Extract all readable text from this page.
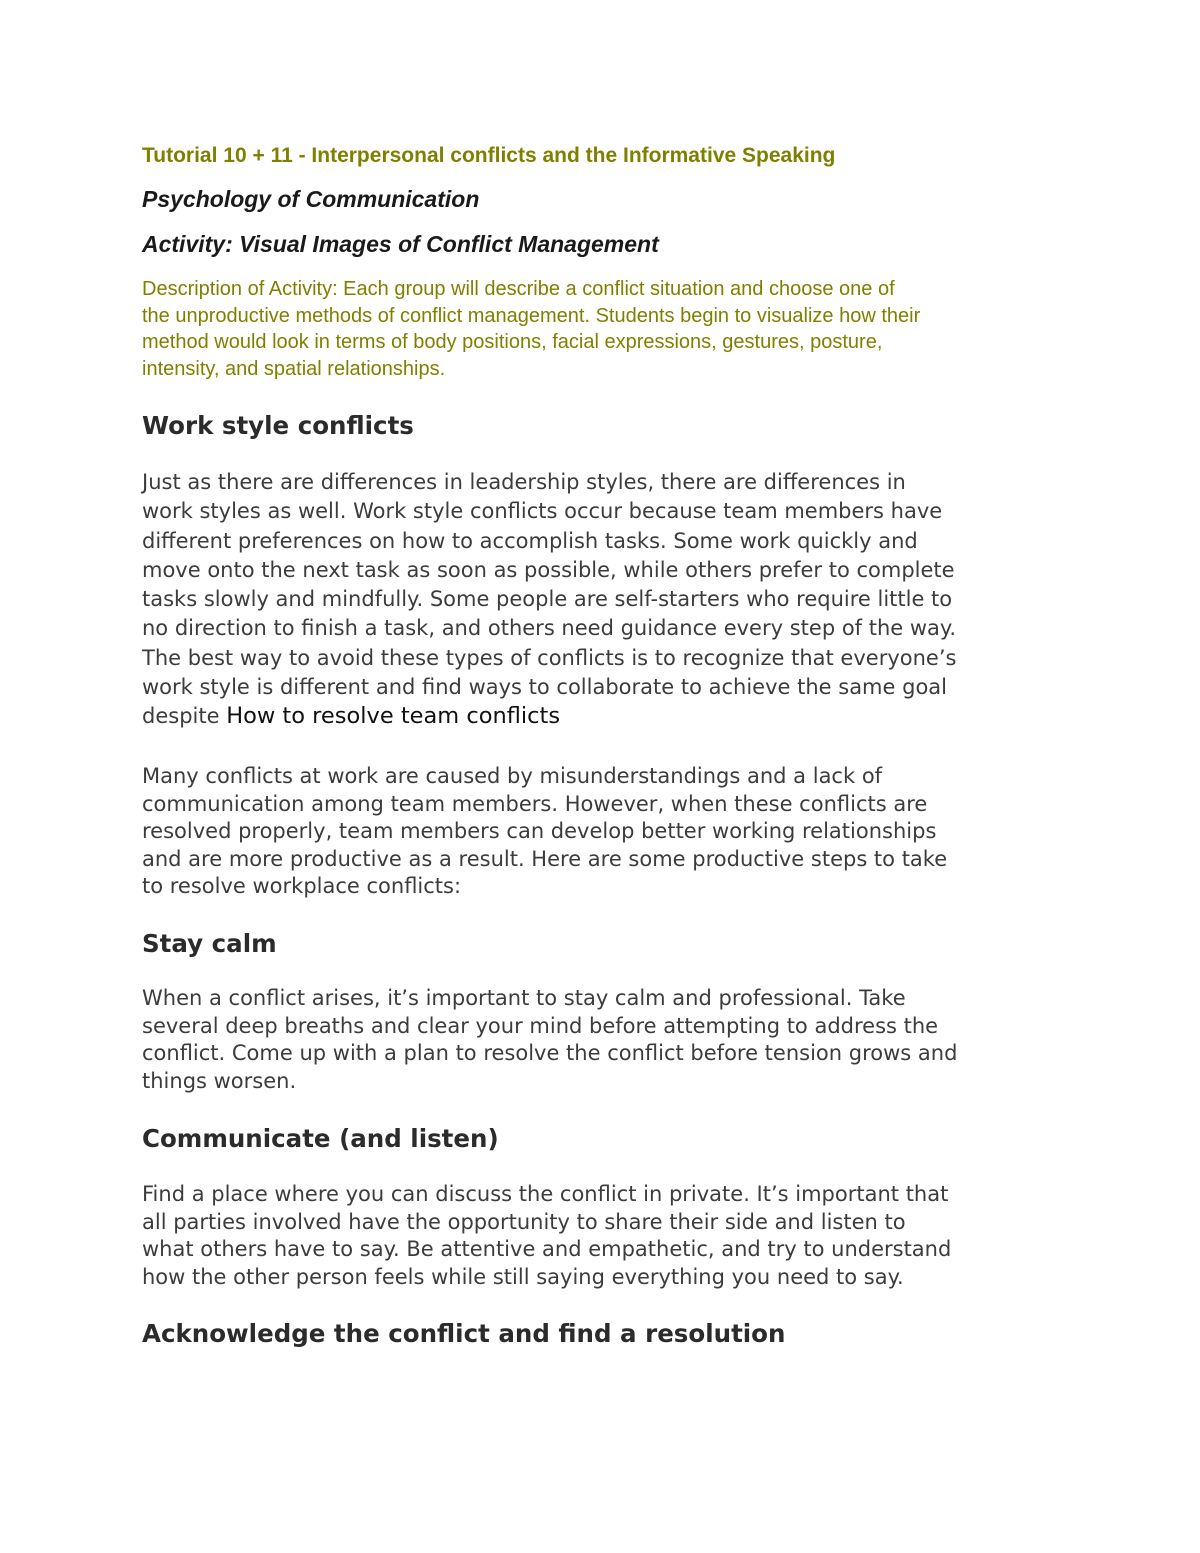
Tutorial 10 + 11 - Interpersonal conflicts and the Informative Speaking

Psychology of Communication

Activity: Visual Images of Conflict Management

Description of Activity: Each group will describe a conflict situation and choose one of
the unproductive methods of conflict management. Students begin to visualize how their
method would look in terms of body positions, facial expressions, gestures, posture,
intensity, and spatial relationships.
Work style conflicts
Just as there are differences in leadership styles, there are differences in
work styles as well. Work style conflicts occur because team members have
different preferences on how to accomplish tasks. Some work quickly and
move onto the next task as soon as possible, while others prefer to complete
tasks slowly and mindfully. Some people are self-starters who require little to
no direction to finish a task, and others need guidance every step of the way.
The best way to avoid these types of conflicts is to recognize that everyone’s
work style is different and find ways to collaborate to achieve the same goal
despite How to resolve team conflicts
Many conflicts at work are caused by misunderstandings and a lack of
communication among team members. However, when these conflicts are
resolved properly, team members can develop better working relationships
and are more productive as a result. Here are some productive steps to take
to resolve workplace conflicts:
Stay calm
When a conflict arises, it’s important to stay calm and professional. Take
several deep breaths and clear your mind before attempting to address the
conflict. Come up with a plan to resolve the conflict before tension grows and
things worsen.
Communicate (and listen)
Find a place where you can discuss the conflict in private. It’s important that
all parties involved have the opportunity to share their side and listen to
what others have to say. Be attentive and empathetic, and try to understand
how the other person feels while still saying everything you need to say.
Acknowledge the conflict and find a resolution
